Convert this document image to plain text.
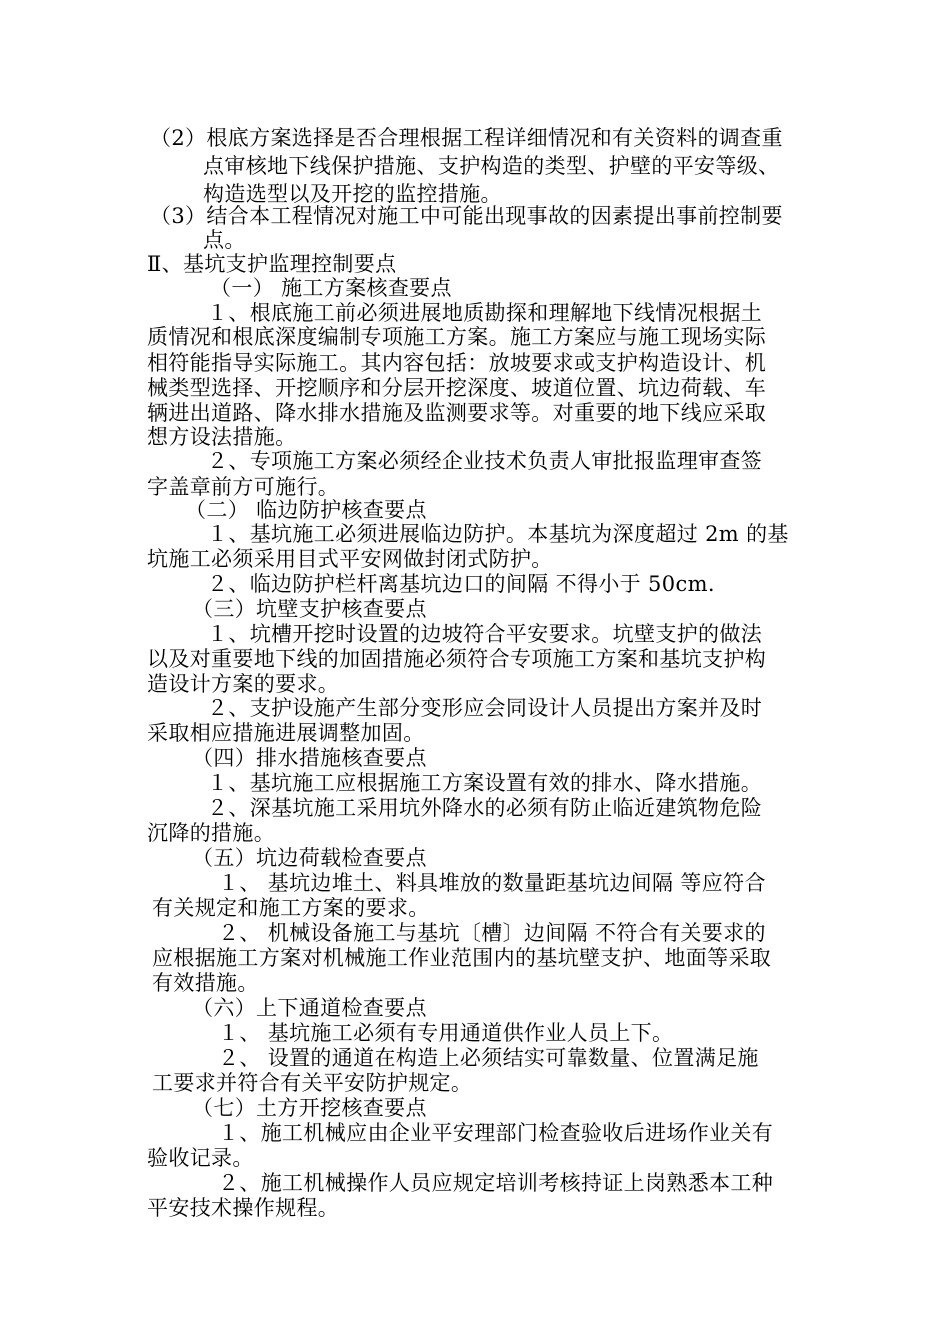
（2）根底方案选择是否合理根据工程详细情况和有关资料的调查重
点审核地下线保护措施、支护构造的类型、护壁的平安等级、
构造选型以及开挖的监控措施。
（3）结合本工程情况对施工中可能出现事故的因素提出事前控制要
点。
Ⅱ、基坑支护监理控制要点
（一） 施工方案核查要点
１、根底施工前必须进展地质勘探和理解地下线情况根据土
质情况和根底深度编制专项施工方案。施工方案应与施工现场实际
相符能指导实际施工。其内容包括：放坡要求或支护构造设计、机
械类型选择、开挖顺序和分层开挖深度、坡道位置、坑边荷载、车
辆进出道路、降水排水措施及监测要求等。对重要的地下线应采取
想方设法措施。
２、专项施工方案必须经企业技术负责人审批报监理审查签
字盖章前方可施行。
（二） 临边防护核查要点
１、基坑施工必须进展临边防护。本基坑为深度超过 2m 的基
坑施工必须采用目式平安网做封闭式防护。
２、临边防护栏杆离基坑边口的间隔 不得小于 50cm.
（三）坑壁支护核查要点
１、坑槽开挖时设置的边坡符合平安要求。坑壁支护的做法
以及对重要地下线的加固措施必须符合专项施工方案和基坑支护构
造设计方案的要求。
２、支护设施产生部分变形应会同设计人员提出方案并及时
采取相应措施进展调整加固。
（四）排水措施核查要点
１、基坑施工应根据施工方案设置有效的排水、降水措施。
２、深基坑施工采用坑外降水的必须有防止临近建筑物危险
沉降的措施。
（五）坑边荷载检查要点
１、 基坑边堆土、料具堆放的数量距基坑边间隔 等应符合
有关规定和施工方案的要求。
２、 机械设备施工与基坑〔槽〕边间隔 不符合有关要求的
应根据施工方案对机械施工作业范围内的基坑壁支护、地面等采取
有效措施。
（六）上下通道检查要点
１、 基坑施工必须有专用通道供作业人员上下。
２、 设置的通道在构造上必须结实可靠数量、位置满足施
工要求并符合有关平安防护规定。
（七）土方开挖核查要点
１、施工机械应由企业平安理部门检查验收后进场作业关有
验收记录。
２、施工机械操作人员应规定培训考核持证上岗熟悉本工种
平安技术操作规程。
